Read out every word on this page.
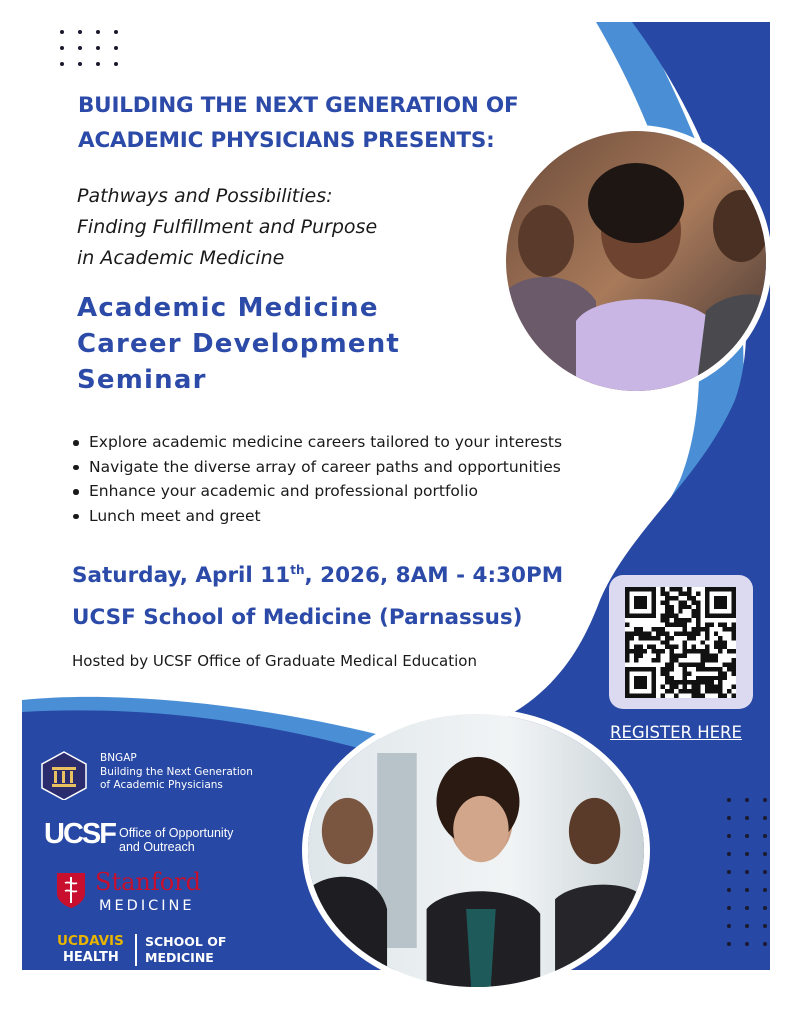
BUILDING THE NEXT GENERATION OF
ACADEMIC PHYSICIANS PRESENTS:
Pathways and Possibilities:
Finding Fulfillment and Purpose
in Academic Medicine
Academic Medicine
Career Development
Seminar
Explore academic medicine careers tailored to your interests
Navigate the diverse array of career paths and opportunities
Enhance your academic and professional portfolio
Lunch meet and greet
Saturday, April 11th, 2026, 8AM - 4:30PM
UCSF School of Medicine (Parnassus)
Hosted by UCSF Office of Graduate Medical Education
REGISTER HERE
BNGAP
Building the Next Generation
of Academic Physicians
UCSF Office of Opportunity
and Outreach
Stanford
MEDICINE
UCDAVIS
HEALTH
SCHOOL OF
MEDICINE
